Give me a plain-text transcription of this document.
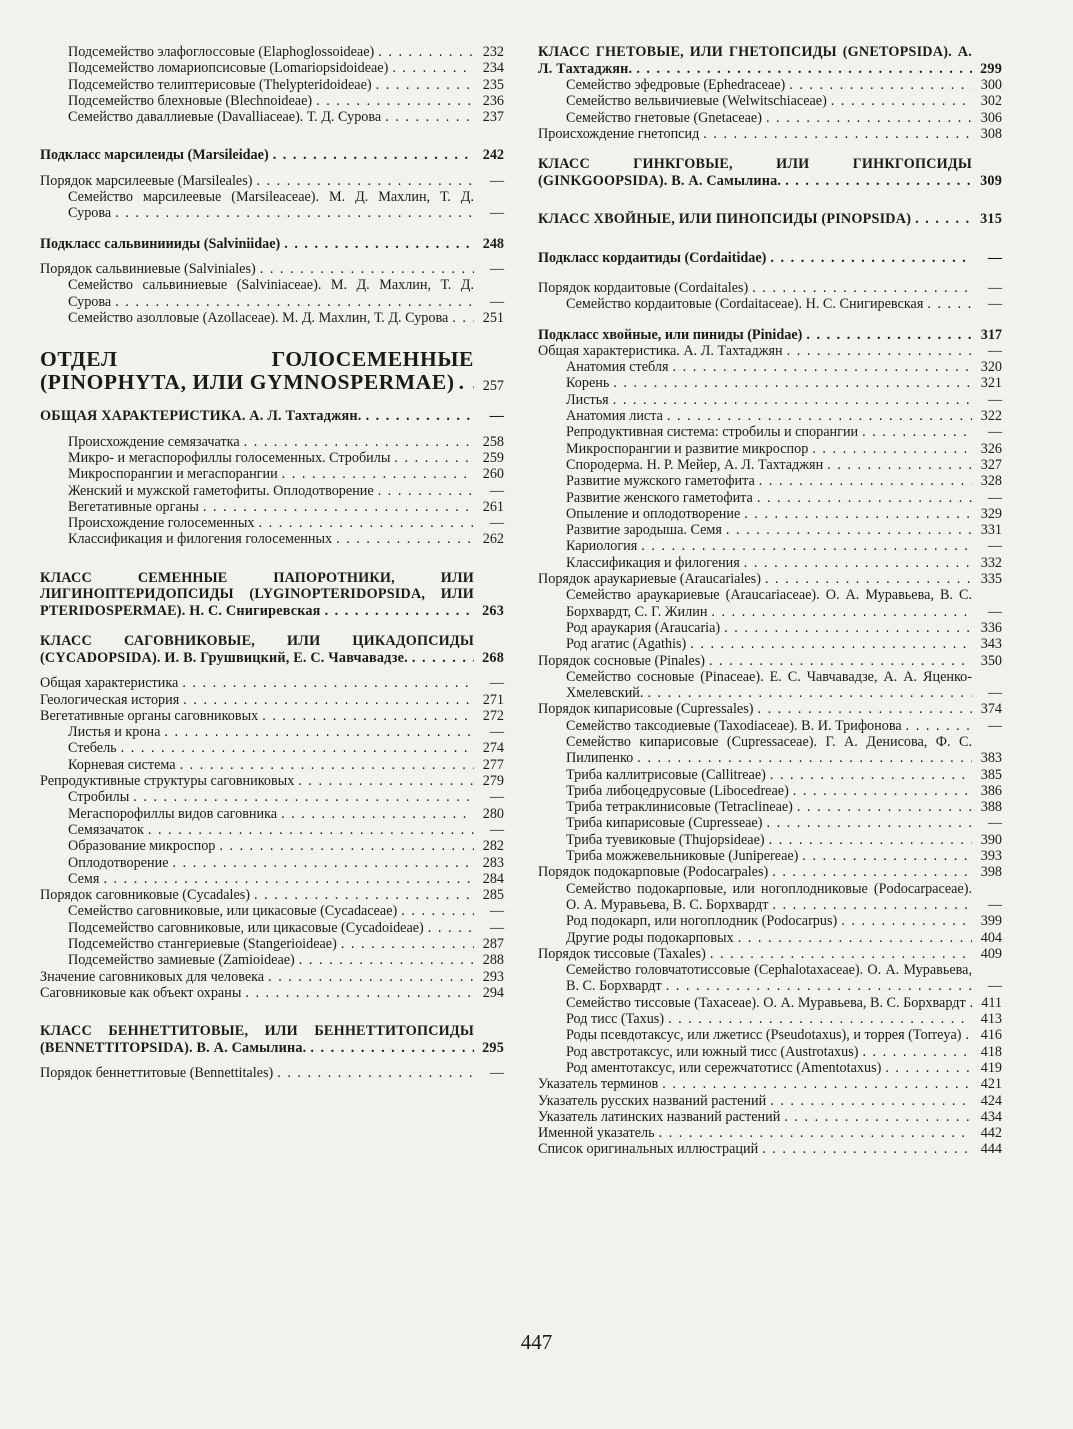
Подсемейство элафоглоссовые (Elaphoglossoideae) . . .	232
Подсемейство ломариопсисовые (Lomariopsidoideae) . . .	234
Подсемейство телиптерисовые (Thelypteridoideae) . . .	235
Подсемейство блехновые (Blechnoideae) . . .	236
Семейство даваллиевые (Davalliaceae). Т. Д. Сурова . . .	237
Подкласс марсилеиды (Marsileidae) . . .	242
Порядок марсилеевые (Marsileales) . . .	—
Семейство марсилеевые (Marsileaceae). М. Д. Махлин, Т. Д. Сурова . . .	—
Подкласс сальвиниииды (Salviniidae) . . .	248
Порядок сальвиниевые (Salviniales) . . .	—
Семейство сальвиниевые (Salviniaceae). М. Д. Махлин, Т. Д. Сурова . . .	—
Семейство азолловые (Azollaceae). М. Д. Махлин, Т. Д. Сурова . . .	251
ОТДЕЛ ГОЛОСЕМЕННЫЕ (PINOPHYTA, ИЛИ GYMNOSPERMAE) . . .	257
ОБЩАЯ ХАРАКТЕРИСТИКА. А. Л. Тахтаджян. . . .	—
Происхождение семязачатка . . .	258
Микро- и мегаспорофиллы голосеменных. Стробилы . . .	259
Микроспорангии и мегаспорангии . . .	260
Женский и мужской гаметофиты. Оплодотворение . . .	—
Вегетативные органы . . .	261
Происхождение голосеменных . . .	—
Классификация и филогения голосеменных . . .	262
КЛАСС СЕМЕННЫЕ ПАПОРОТНИКИ, ИЛИ ЛИГИНОПТЕРИДОПСИДЫ (LYGINOPTERIDOPSIDA, ИЛИ PTERIDOSPERMAE). Н. С. Снигиревская . . .	263
КЛАСС САГОВНИКОВЫЕ, ИЛИ ЦИКАДОПСИДЫ (CYCADOPSIDA). И. В. Грушвицкий, Е. С. Чавчавадзе. . . .	268
Общая характеристика . . .	—
Геологическая история . . .	271
Вегетативные органы саговниковых . . .	272
Листья и крона . . .	—
Стебель . . .	274
Корневая система . . .	277
Репродуктивные структуры саговниковых . . .	279
Стробилы . . .	—
Мегаспорофиллы видов саговника . . .	280
Семязачаток . . .	—
Образование микроспор . . .	282
Оплодотворение . . .	283
Семя . . .	284
Порядок саговниковые (Cycadales) . . .	285
Семейство саговниковые, или цикасовые (Cycadaceae) . . .	—
Подсемейство саговниковые, или цикасовые (Cycadoideae) . . .	—
Подсемейство стангериевые (Stangerioideae) . . .	287
Подсемейство замиевые (Zamioideae) . . .	288
Значение саговниковых для человека . . .	293
Саговниковые как объект охраны . . .	294
КЛАСС БЕННЕТТИТОВЫЕ, ИЛИ БЕННЕТТИТОПСИДЫ (BENNETTITOPSIDA). В. А. Самылина. . . .	295
Порядок беннеттитовые (Bennettitales) . . .	—
КЛАСС ГНЕТОВЫЕ, ИЛИ ГНЕТОПСИДЫ (GNETOPSIDA). А. Л. Тахтаджян. . . .	299
Семейство эфедровые (Ephedraceae) . . .	300
Семейство вельвичиевые (Welwitschiaceae) . . .	302
Семейство гнетовые (Gnetaceae) . . .	306
Происхождение гнетопсид . . .	308
КЛАСС ГИНКГОВЫЕ, ИЛИ ГИНКГОПСИДЫ (GINKGOOPSIDA). В. А. Самылина. . . .	309
КЛАСС ХВОЙНЫЕ, ИЛИ ПИНОПСИДЫ (PINOPSIDA) . . .	315
Подкласс кордаитиды (Cordaitidae) . . .	—
Порядок кордаитовые (Cordaitales) . . .	—
Семейство кордаитовые (Cordaitaceae). Н. С. Снигиревская . . .	—
Подкласс хвойные, или пиниды (Pinidae) . . .	317
Общая характеристика. А. Л. Тахтаджян . . .	—
Анатомия стебля . . .	320
Корень . . .	321
Листья . . .	—
Анатомия листа . . .	322
Репродуктивная система: стробилы и спорангии . . .	—
Микроспорангии и развитие микроспор . . .	326
Спородерма. Н. Р. Мейер, А. Л. Тахтаджян . . .	327
Развитие мужского гаметофита . . .	328
Развитие женского гаметофита . . .	—
Опыление и оплодотворение . . .	329
Развитие зародыша. Семя . . .	331
Кариология . . .	—
Классификация и филогения . . .	332
Порядок араукариевые (Araucariales) . . .	335
Семейство араукариевые (Araucariaceae). О. А. Муравьева, В. С. Борхвардт, С. Г. Жилин . . .	—
Род араукария (Araucaria) . . .	336
Род агатис (Agathis) . . .	343
Порядок сосновые (Pinales) . . .	350
Семейство сосновые (Pinaceae). Е. С. Чавчавадзе, А. А. Яценко-Хмелевский. . . .	—
Порядок кипарисовые (Cupressales) . . .	374
Семейство таксодиевые (Taxodiaceae). В. И. Трифонова . . .	—
Семейство кипарисовые (Cupressaceae). Г. А. Денисова, Ф. С. Пилипенко . . .	383
Триба каллитрисовые (Callitreae) . . .	385
Триба либоцедрусовые (Libocedreae) . . .	386
Триба тетраклинисовые (Tetraclineae) . . .	388
Триба кипарисовые (Cupresseae) . . .	—
Триба туевиковые (Thujopsideae) . . .	390
Триба можжевельниковые (Junipereae) . . .	393
Порядок подокарповые (Podocarpales) . . .	398
Семейство подокарповые, или ногоплодниковые (Podocarpaceae). О. А. Муравьева, В. С. Борхвардт . . .	—
Род подокарп, или ногоплодник (Podocarpus) . . .	399
Другие роды подокарповых . . .	404
Порядок тиссовые (Taxales) . . .	409
Семейство головчатотиссовые (Cephalotaxaceae). О. А. Муравьева, В. С. Борхвардт . . .	—
Семейство тиссовые (Taxaceae). О. А. Муравьева, В. С. Борхвардт . . .	411
Род тисс (Taxus) . . .	413
Роды псевдотаксус, или лжетисс (Pseudotaxus), и торрея (Torreya) . . .	416
Род австротаксус, или южный тисс (Austrotaxus) . . .	418
Род аментотаксус, или сережчатотисс (Amentotaxus) . . .	419
Указатель терминов . . .	421
Указатель русских названий растений . . .	424
Указатель латинских названий растений . . .	434
Именной указатель . . .	442
Список оригинальных иллюстраций . . .	444
447
